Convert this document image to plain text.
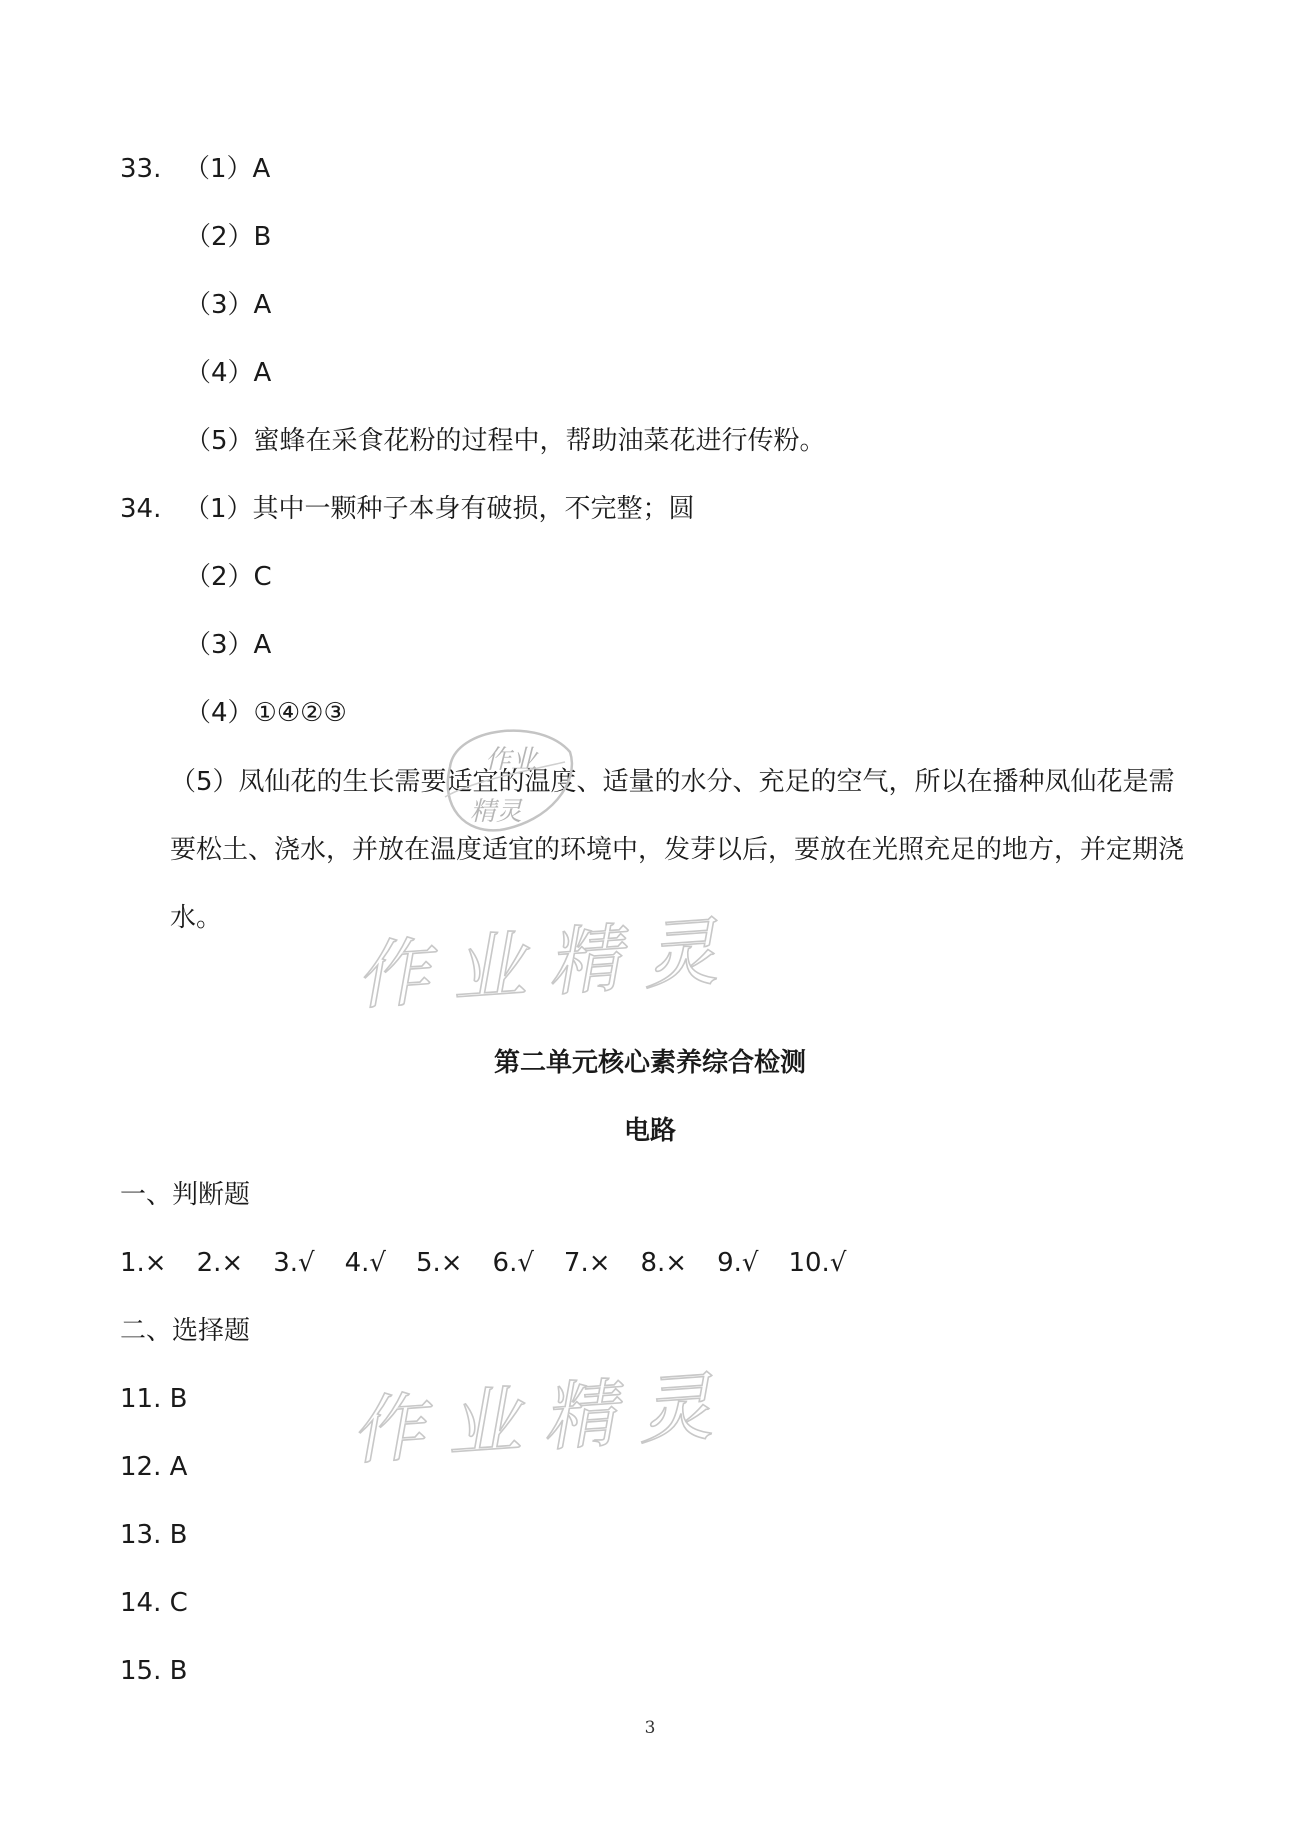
33. （1）A
（2）B
（3）A
（4）A
（5）蜜蜂在采食花粉的过程中，帮助油菜花进行传粉。
34. （1）其中一颗种子本身有破损，不完整；圆
（2）C
（3）A
（4）①④②③
（5）凤仙花的生长需要适宜的温度、适量的水分、充足的空气，所以在播种凤仙花是需要松土、浇水，并放在温度适宜的环境中，发芽以后，要放在光照充足的地方，并定期浇水。
作业
精灵
作业精灵
第二单元核心素养综合检测
电路
一、判断题
1.× 2.× 3.√ 4.√ 5.× 6.√ 7.× 8.× 9.√ 10.√
二、选择题
11. B
12. A
13. B
14. C
15. B
作业精灵
3
